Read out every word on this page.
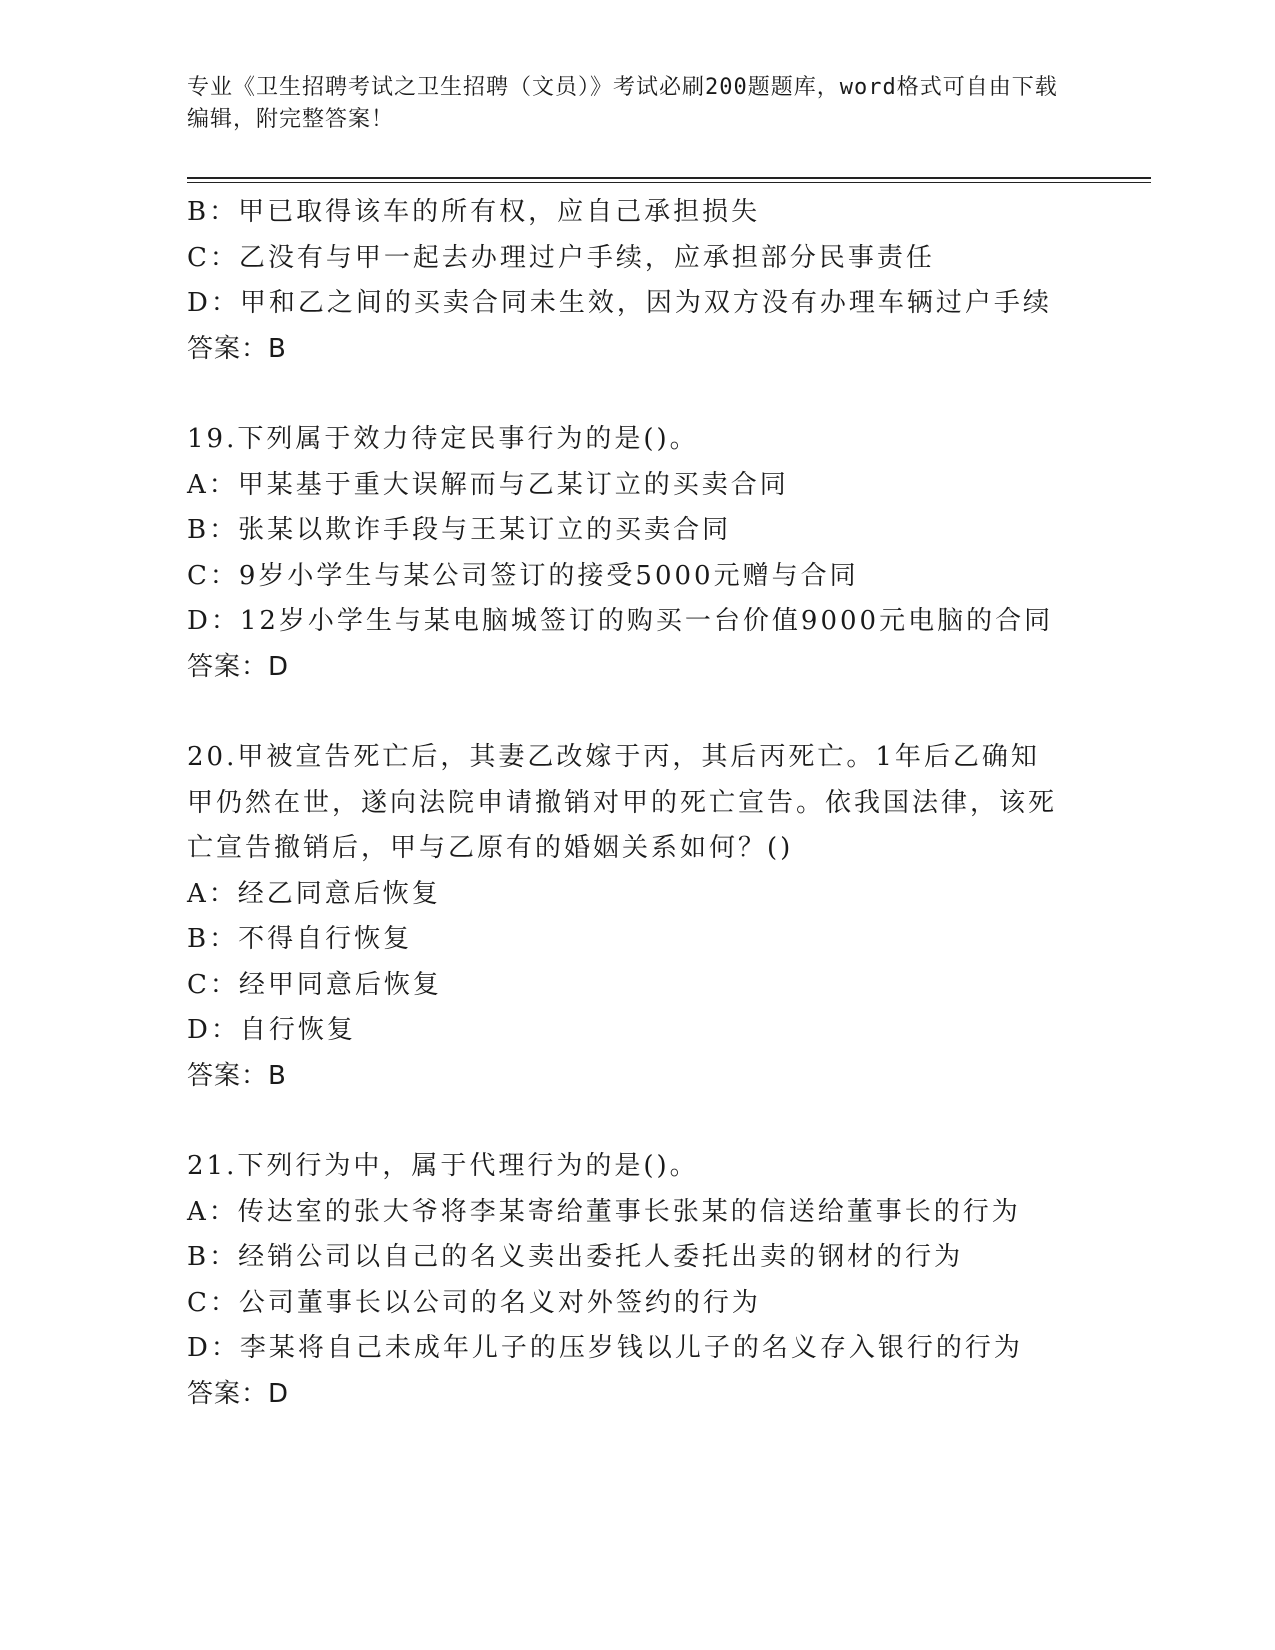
专业《卫生招聘考试之卫生招聘（文员）》考试必刷200题题库，word格式可自由下载编辑，附完整答案！
B：甲已取得该车的所有权，应自己承担损失
C：乙没有与甲一起去办理过户手续，应承担部分民事责任
D：甲和乙之间的买卖合同未生效，因为双方没有办理车辆过户手续
答案：B
19.下列属于效力待定民事行为的是()。
A：甲某基于重大误解而与乙某订立的买卖合同
B：张某以欺诈手段与王某订立的买卖合同
C：9岁小学生与某公司签订的接受5000元赠与合同
D：12岁小学生与某电脑城签订的购买一台价值9000元电脑的合同
答案：D
20.甲被宣告死亡后，其妻乙改嫁于丙，其后丙死亡。1年后乙确知甲仍然在世，遂向法院申请撤销对甲的死亡宣告。依我国法律，该死亡宣告撤销后，甲与乙原有的婚姻关系如何？()
A：经乙同意后恢复
B：不得自行恢复
C：经甲同意后恢复
D：自行恢复
答案：B
21.下列行为中，属于代理行为的是()。
A：传达室的张大爷将李某寄给董事长张某的信送给董事长的行为
B：经销公司以自己的名义卖出委托人委托出卖的钢材的行为
C：公司董事长以公司的名义对外签约的行为
D：李某将自己未成年儿子的压岁钱以儿子的名义存入银行的行为
答案：D
